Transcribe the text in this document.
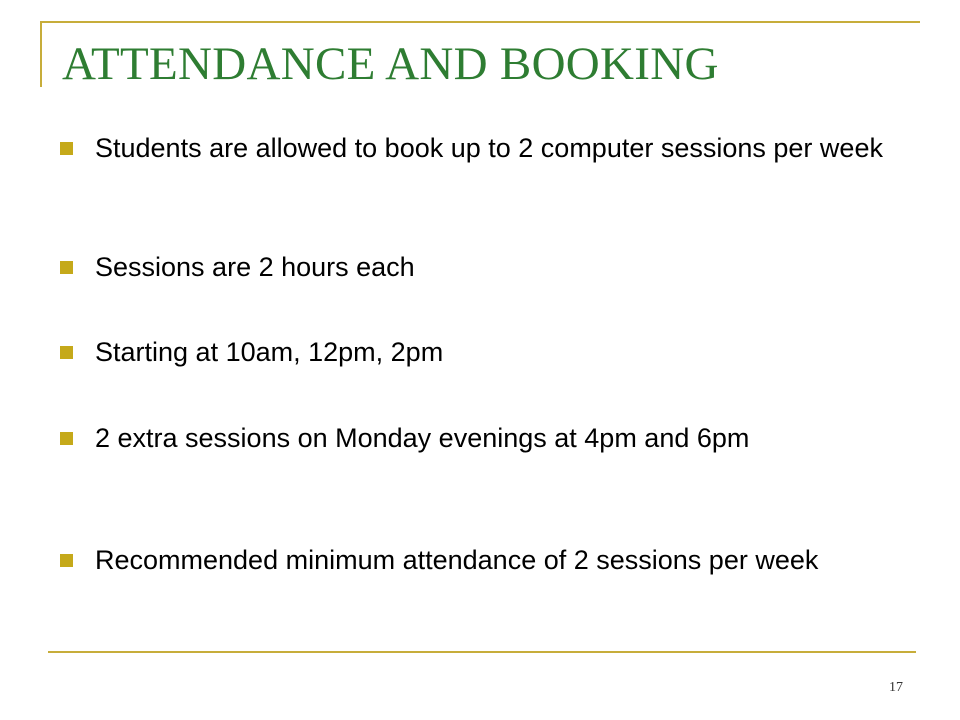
ATTENDANCE AND BOOKING
Students are allowed to book up to 2 computer sessions per week
Sessions are 2 hours each
Starting at 10am, 12pm, 2pm
2 extra sessions on Monday evenings at 4pm and 6pm
Recommended minimum attendance of 2 sessions per week
17
